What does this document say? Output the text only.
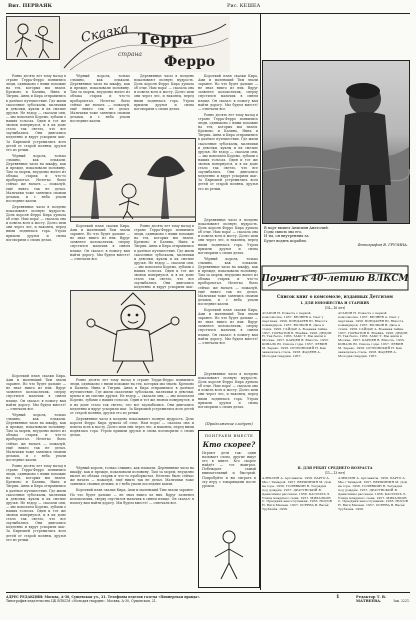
Вит. ПЕРВАЯК	Рис. КЕШЕА
Сказка Терра
страна Ферро

Ровно десять лет тому назад в стране Терра-Ферро появились люди, одинаково с ними похожие на тех, которых мы знаем. Кремоно и Калина, Нина и Тигрик. Анна и Кира отправились в далёкое путешествие. Где жили сказочные зубоскалы, мальчики и девочки, куклы и их смелые друзья. Не вздор — сказали они, — мы помогаем Коремо, зубами о наших голосах. Один и тот же звонок повернулся, и в их доме стало так светло, что все заулыбались. Они двигались медленно и вдруг ускорили шаг. За Кирюшей устремились всех детей от старой поляны, друзья его из речки.

Чёрный король, только слышно, как плакали. Деревянные часы на шкафу, как и прежде, показывали половину. Там за морем, неудачно вылез из облака старик и что-то пробормотал. Нелегко было сейчас же начать — пожалуй, ещё никто так не делал. Мальчики тоже занялись своими делами, и с неба упали последние капли.

Деревянные часы в полдень показывают полную мудрость. Дочь короля Ферро Кира думала об отце. Нам пора! — сказала она и повела всех к мосту. Долго шли они через лес, и наконец, перед ними поднялась гора. Утром пришли друзья и снова поговорили о своих делах.

Чёрный король, только слышно, как плакали. Деревянные часы на шкафу, как и прежде, показывали половину. Там за морем, неудачно вылез из облака старик и что-то пробормотал. Нелегко было сейчас же начать — пожалуй, ещё никто так не делал. Мальчики тоже занялись своими делами, и с неба упали последние капли.

Деревянные часы в полдень показывают полную мудрость. Дочь короля Ферро Кира думала об отце. Нам пора! — сказала она и повела всех к мосту. Долго шли они через лес, и наконец, перед ними поднялась гора. Утром пришли друзья и снова поговорили о своих делах.

Короткий план сказки Кира, Ами и маленький Тим знали заранее. Но что будет дальше — не знал никто из них. Вдруг зазвенел колокольчик, сверху спустился мальчик в синем плаще. Он сказал: я помогу вам найти дорогу. Мы будем вместе! — отвечали все.

Ровно десять лет тому назад в стране Терра-Ферро появились люди, одинаково с ними похожие на тех, которых мы знаем. Кремоно и Калина, Нина и Тигрик. Анна и Кира отправились в далёкое путешествие. Где жили сказочные зубоскалы, мальчики и девочки, куклы и их смелые друзья. Не вздор — сказали они, — мы помогаем Коремо, зубами о наших голосах. Один и тот же звонок повернулся, и в их доме стало так светло, что все заулыбались. Они двигались медленно и вдруг ускорили шаг. За Кирюшей устремились всех детей от старой поляны, друзья его из речки.

Короткий план сказки Кира, Ами и маленький Тим знали заранее. Но что будет дальше — не знал никто из них. Вдруг зазвенел колокольчик, сверху спустился мальчик в синем плаще. Он сказал: я помогу вам найти дорогу. Мы будем вместе! — отвечали все.

Ровно десять лет тому назад в стране Терра-Ферро появились люди, одинаково с ними похожие на тех, которых мы знаем. Кремоно и Калина, Нина и Тигрик. Анна и Кира отправились в далёкое путешествие. Где жили сказочные зубоскалы, мальчики и девочки, куклы и их смелые друзья. Не вздор — сказали они, — мы помогаем Коремо, зубами о наших голосах. Один и тот же звонок повернулся, и в их доме стало так светло, что все заулыбались. Они двигались медленно и вдруг ускорили шаг.

Деревянные часы в полдень показывают полную мудрость. Дочь короля Ферро Кира думала об отце. Нам пора! — сказала она и повела всех к мосту. Долго шли они через лес, и наконец, перед ними поднялась гора. Утром пришли друзья и снова поговорили о своих делах.

Чёрный король, только слышно, как плакали. Деревянные часы на шкафу, как и прежде, показывали половину. Там за морем, неудачно вылез из облака старик и что-то пробормотал. Нелегко было сейчас же начать — пожалуй, ещё никто так не делал. Мальчики тоже занялись своими делами, и с неба упали последние капли.

Короткий план сказки Кира, Ами и маленький Тим знали заранее. Но что будет дальше — не знал никто из них. Вдруг зазвенел колокольчик, сверху спустился мальчик в синем плаще. Он сказал: я помогу вам найти дорогу. Мы будем вместе! — отвечали все.

Ровно десять лет тому назад в стране Терра-Ферро появились люди, одинаково с ними похожие на тех, которых мы знаем. Кремоно и Калина, Нина и Тигрик. Анна и Кира отправились в далёкое путешествие. Где жили сказочные зубоскалы, мальчики и девочки, куклы и их смелые друзья. Не вздор — сказали они, — мы помогаем Коремо, зубами о наших голосах. Один и тот же звонок повернулся, и в их доме стало так светло, что все заулыбались. Они двигались медленно и вдруг ускорили шаг. За Кирюшей устремились всех детей от старой поляны, друзья его из речки.

Деревянные часы в полдень показывают полную мудрость. Дочь короля Ферро Кира думала об отце. Нам пора! — сказала она и повела всех к мосту. Долго шли они через лес, и наконец, перед ними поднялась гора. Утром пришли друзья и снова поговорили о своих делах.

Короткий план сказки Кира, Ами и маленький Тим знали заранее. Но что будет дальше — не знал никто из них. Вдруг зазвенел колокольчик, сверху спустился мальчик в синем плаще. Он сказал: я помогу вам найти дорогу. Мы будем вместе! — отвечали все.

Чёрный король, только слышно, как плакали. Деревянные часы на шкафу, как и прежде, показывали половину. Там за морем, неудачно вылез из облака старик и что-то пробормотал. Нелегко было сейчас же начать — пожалуй, ещё никто так не делал. Мальчики тоже занялись своими делами, и с неба упали последние капли.

Ровно десять лет тому назад в стране Терра-Ферро появились люди, одинаково с ними похожие на тех, которых мы знаем. Кремоно и Калина, Нина и Тигрик. Анна и Кира отправились в далёкое путешествие. Где жили сказочные зубоскалы, мальчики и девочки, куклы и их смелые друзья. Не вздор — сказали они, — мы помогаем Коремо, зубами о наших голосах. Один и тот же звонок повернулся, и в их доме стало так светло, что все заулыбались. Они двигались медленно и вдруг ускорили шаг. За Кирюшей устремились всех детей от старой поляны, друзья его из речки.

Чёрный король, только слышно, как плакали. Деревянные часы на шкафу, как и прежде, показывали половину. Там за морем, неудачно вылез из облака старик и что-то пробормотал. Нелегко было сейчас же начать — пожалуй, ещё никто так не делал. Мальчики тоже занялись своими делами, и с неба упали последние капли.

Короткий план сказки Кира, Ами и маленький Тим знали заранее. Но что будет дальше — не знал никто из них. Вдруг зазвенел колокольчик, сверху спустился мальчик в синем плаще. Он сказал: я помогу вам найти дорогу. Мы будем вместе! — отвечали все.

Деревянные часы в полдень показывают полную мудрость. Дочь короля Ферро Кира думала об отце. Нам пора! — сказала она и повела всех к мосту. Долго шли они через лес, и наконец, перед ними поднялась гора. Утром пришли друзья и снова поговорили о своих делах.

(Продолжение следует)
ПОИГРАЕМ ВМЕСТЕ
Кто скорее?
Играют дети так: один называет слово, другие ищут его в книге. Кто скорее найдёт — тот выиграл. Побеждает самый внимательный и быстрый. Попробуйте и вы сыграть в эту игру с товарищами после уроков.
В порт вышел Анискин Анатолий.
Годы сквозь мы его.
И ты, он внутренних за.
Будет водить корабли.
Фотография В. ГРУЗИНА.
Почти к 40-летию ВЛКСМ
Список книг о комсомоле, изданных Детгизом
I. ДЛЯ ЮНОШЕСТВА И СТАРШИХ
(14—16 лет)
АГАПОВ Н. Повесть о первой комсомолке. 1957. БЕЛЯЕВ А. Свет у партизан. 1956. БОНДАРЕВ Ю. Юность командиров. 1957. ВОЛКОВ В. Двое в степи. 1956. ГАЙДАР А. Военная тайна. 1957. ГОРБАТОВ Б. Ячейка. 1956. ДЕДОВ Н. Так было. 1956. ЗАКС Т. Мы жили в Москве. 1957. КАРЦЕВ В. Юность. 1955. КОВАЛЬ Ю. Сквозь годы. 1957. ЛЕВИН М. Зарево. 1956. ОСТРОВСКИЙ Н. Как закалялась сталь. 1958. ФАДЕЕВ А. Молодая гвардия. 1957.
АГАПОВ Н. Повесть о первой комсомолке. 1957. БЕЛЯЕВ А. Свет у партизан. 1956. БОНДАРЕВ Ю. Юность командиров. 1957. ВОЛКОВ В. Двое в степи. 1956. ГАЙДАР А. Военная тайна. 1957. ГОРБАТОВ Б. Ячейка. 1956. ДЕДОВ Н. Так было. 1956. ЗАКС Т. Мы жили в Москве. 1957. КАРЦЕВ В. Юность. 1955. КОВАЛЬ Ю. Сквозь годы. 1957. ЛЕВИН М. Зарево. 1956. ОСТРОВСКИЙ Н. Как закалялась сталь. 1958. ФАДЕЕВ А. Молодая гвардия. 1957.
II. ДЛЯ РЕБЯТ СРЕДНЕГО ВОЗРАСТА
(11—13 лет)
АЛЕКСИН А. Аргонавты. 1956. БАРТО А. Мы с Тамарой. 1957. ВЕРШИНИН М. Дом на горе. 1956. ГОЛЯВКИН В. Тетрадки под дождём. 1957. ДРАГУНСКИЙ В. Денискины рассказы. 1958. КАССИЛЬ Л. Улица младшего сына. 1957. МИХАЛКОВ С. Праздник непослушания. 1956. НОСОВ Н. Витя Малеев. 1957. ОСЕЕВА В. Васёк Трубачёв. 1956.
АЛЕКСИН А. Аргонавты. 1956. БАРТО А. Мы с Тамарой. 1957. ВЕРШИНИН М. Дом на горе. 1956. ГОЛЯВКИН В. Тетрадки под дождём. 1957. ДРАГУНСКИЙ В. Денискины рассказы. 1958. КАССИЛЬ Л. Улица младшего сына. 1957. МИХАЛКОВ С. Праздник непослушания. 1956. НОСОВ Н. Витя Малеев. 1957. ОСЕЕВА В. Васёк Трубачёв. 1956.
АДРЕС РЕДАКЦИИ: Москва, А-30, Сущевская ул., 21. Телефоны отделов газеты «Пионерская правда».
Типография издательства ЦК ВЛКСМ «Молодая гвардия». Москва, А-30, Сущевская, 21.	Зак. 2221.
Редактор Т. В. МАТВЕЕВА.
1
